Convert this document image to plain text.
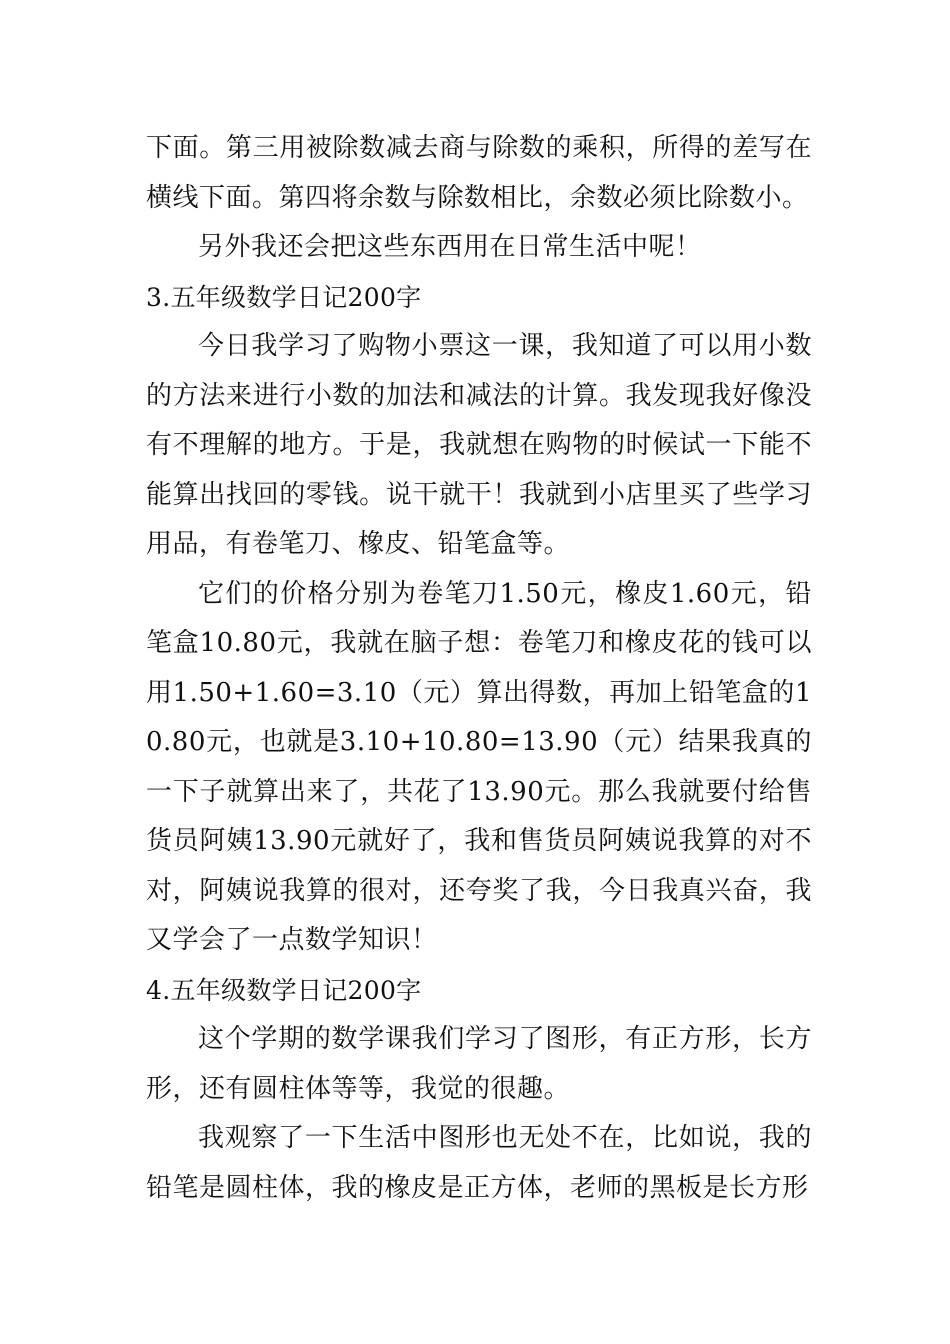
下面。第三用被除数减去商与除数的乘积，所得的差写在横线下面。第四将余数与除数相比，余数必须比除数小。

另外我还会把这些东西用在日常生活中呢！

3.五年级数学日记200字

今日我学习了购物小票这一课，我知道了可以用小数的方法来进行小数的加法和减法的计算。我发现我好像没有不理解的地方。于是，我就想在购物的时候试一下能不能算出找回的零钱。说干就干！我就到小店里买了些学习用品，有卷笔刀、橡皮、铅笔盒等。

它们的价格分别为卷笔刀1.50元，橡皮1.60元，铅笔盒10.80元，我就在脑子想：卷笔刀和橡皮花的钱可以用1.50+1.60=3.10（元）算出得数，再加上铅笔盒的10.80元，也就是3.10+10.80=13.90（元）结果我真的一下子就算出来了，共花了13.90元。那么我就要付给售货员阿姨13.90元就好了，我和售货员阿姨说我算的对不对，阿姨说我算的很对，还夸奖了我，今日我真兴奋，我又学会了一点数学知识！

4.五年级数学日记200字

这个学期的数学课我们学习了图形，有正方形，长方形，还有圆柱体等等，我觉的很趣。

我观察了一下生活中图形也无处不在，比如说，我的铅笔是圆柱体，我的橡皮是正方体，老师的黑板是长方形
